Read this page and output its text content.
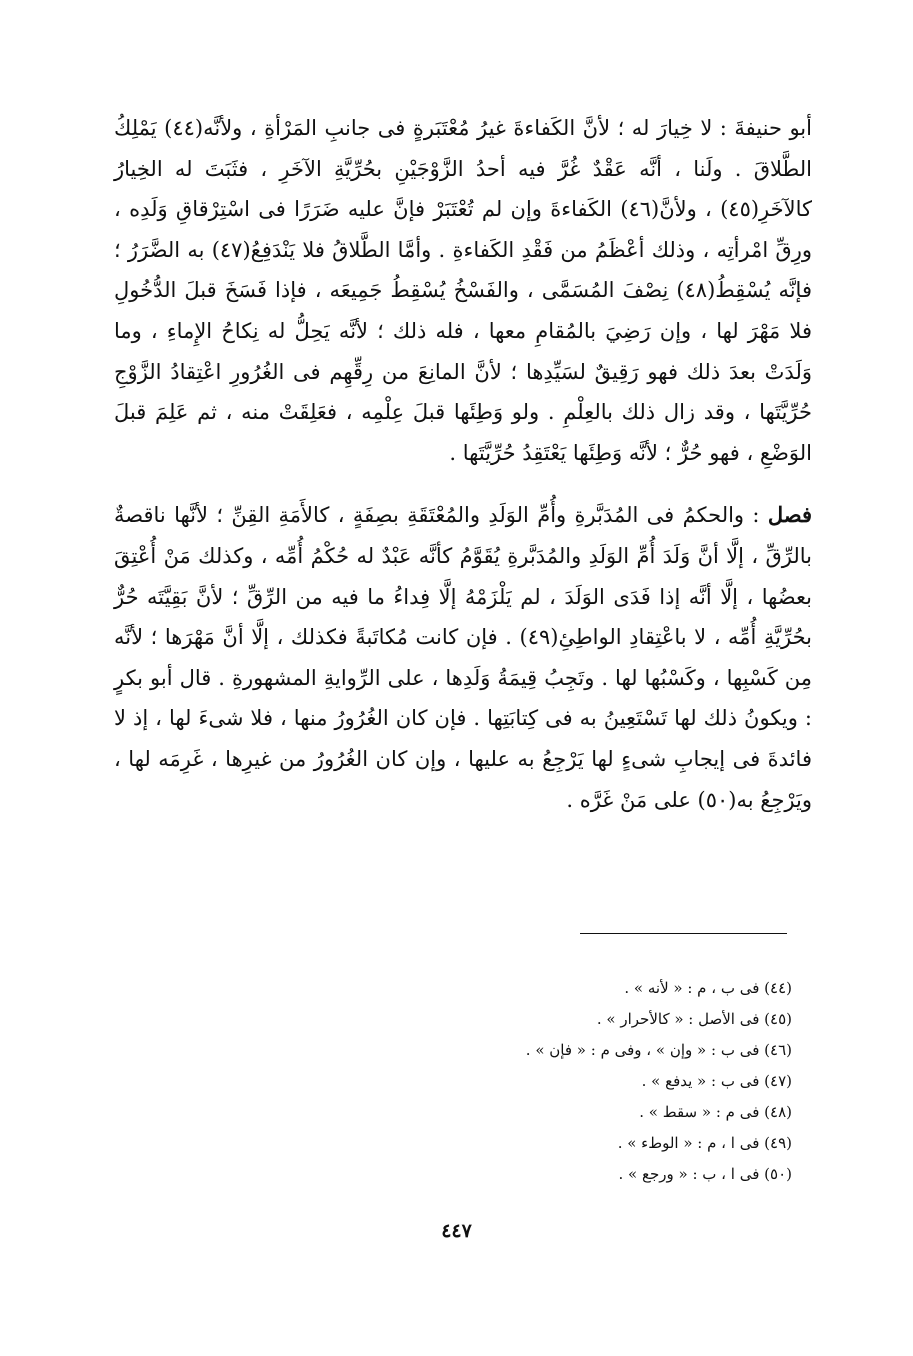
أبو حنيفةَ : لا خِيارَ له ؛ لأنَّ الكَفاءةَ غيرُ مُعْتَبَرةٍ فى جانبِ المَرْأةِ ، ولأنَّه(٤٤) يَمْلِكُ الطَّلاقَ . ولَنا ، أنَّه عَقْدٌ غُرَّ فيه أحدُ الزَّوْجَيْنِ بحُرِّيَّةِ الآخَرِ ، فثَبَتَ له الخِيارُ كالآخَرِ(٤٥) ، ولأنَّ(٤٦) الكَفاءةَ وإن لم تُعْتَبَرْ فإنَّ عليه ضَرَرًا فى اسْتِرْقاقِ وَلَدِه ، ورِقِّ امْرأتِه ، وذلك أعْظَمُ من فَقْدِ الكَفاءةِ . وأمَّا الطَّلاقُ فلا يَنْدَفِعُ(٤٧) به الضَّرَرُ ؛ فإنَّه يُسْقِطُ(٤٨) نِصْفَ المُسَمَّى ، والفَسْخُ يُسْقِطُ جَمِيعَه ، فإذا فَسَخَ قبلَ الدُّخُولِ فلا مَهْرَ لها ، وإن رَضِيَ بالمُقامِ معها ، فله ذلك ؛ لأنَّه يَحِلُّ له نِكاحُ الإِماءِ ، وما وَلَدَتْ بعدَ ذلك فهو رَقِيقٌ لسَيِّدِها ؛ لأنَّ المانِعَ من رِقِّهِم فى الغُرُورِ اعْتِقادُ الزَّوْجِ حُرِّيَّتَها ، وقد زال ذلك بالعِلْمِ . ولو وَطِئَها قبلَ عِلْمِه ، فعَلِقَتْ منه ، ثم عَلِمَ قبلَ الوَضْعِ ، فهو حُرٌّ ؛ لأنَّه وَطِئَها يَعْتَقِدُ حُرِّيَّتَها .

فصل : والحكمُ فى المُدَبَّرةِ وأُمِّ الوَلَدِ والمُعْتَقَةِ بصِفَةٍ ، كالأَمَةِ القِنِّ ؛ لأنَّها ناقصةٌ بالرِّقِّ ، إلَّا أنَّ وَلَدَ أُمِّ الوَلَدِ والمُدَبَّرةِ يُقَوَّمُ كأنَّه عَبْدٌ له حُكْمُ أُمِّه ، وكذلك مَنْ أُعْتِقَ بعضُها ، إلَّا أنَّه إذا فَدَى الوَلَدَ ، لم يَلْزَمْهُ إلَّا فِداءُ ما فيه من الرِّقِّ ؛ لأنَّ بَقِيَّتَه حُرٌّ بحُرِّيَّةِ أُمِّه ، لا باعْتِقادِ الواطِئِ(٤٩) . فإن كانت مُكاتَبةً فكذلك ، إلَّا أنَّ مَهْرَها ؛ لأنَّه مِن كَسْبِها ، وكَسْبُها لها . وتَجِبُ قِيمَةُ وَلَدِها ، على الرِّوايةِ المشهورةِ . قال أبو بكرٍ : ويكونُ ذلك لها تَسْتَعِينُ به فى كِتابَتِها . فإن كان الغُرُورُ منها ، فلا شىءَ لها ، إذ لا فائدةَ فى إيجابِ شىءٍ لها يَرْجِعُ به عليها ، وإن كان الغُرُورُ من غيرِها ، غَرِمَه لها ، ويَرْجِعُ به(٥٠) على مَنْ غَرَّه .

(٤٤) فى ب ، م : « لأنه » .
(٤٥) فى الأصل : « كالأحرار » .
(٤٦) فى ب : « وإن » ، وفى م : « فإن » .
(٤٧) فى ب : « يدفع » .
(٤٨) فى م : « سقط » .
(٤٩) فى ا ، م : « الوطء » .
(٥٠) فى ا ، ب : « ورجع » .
٤٤٧
